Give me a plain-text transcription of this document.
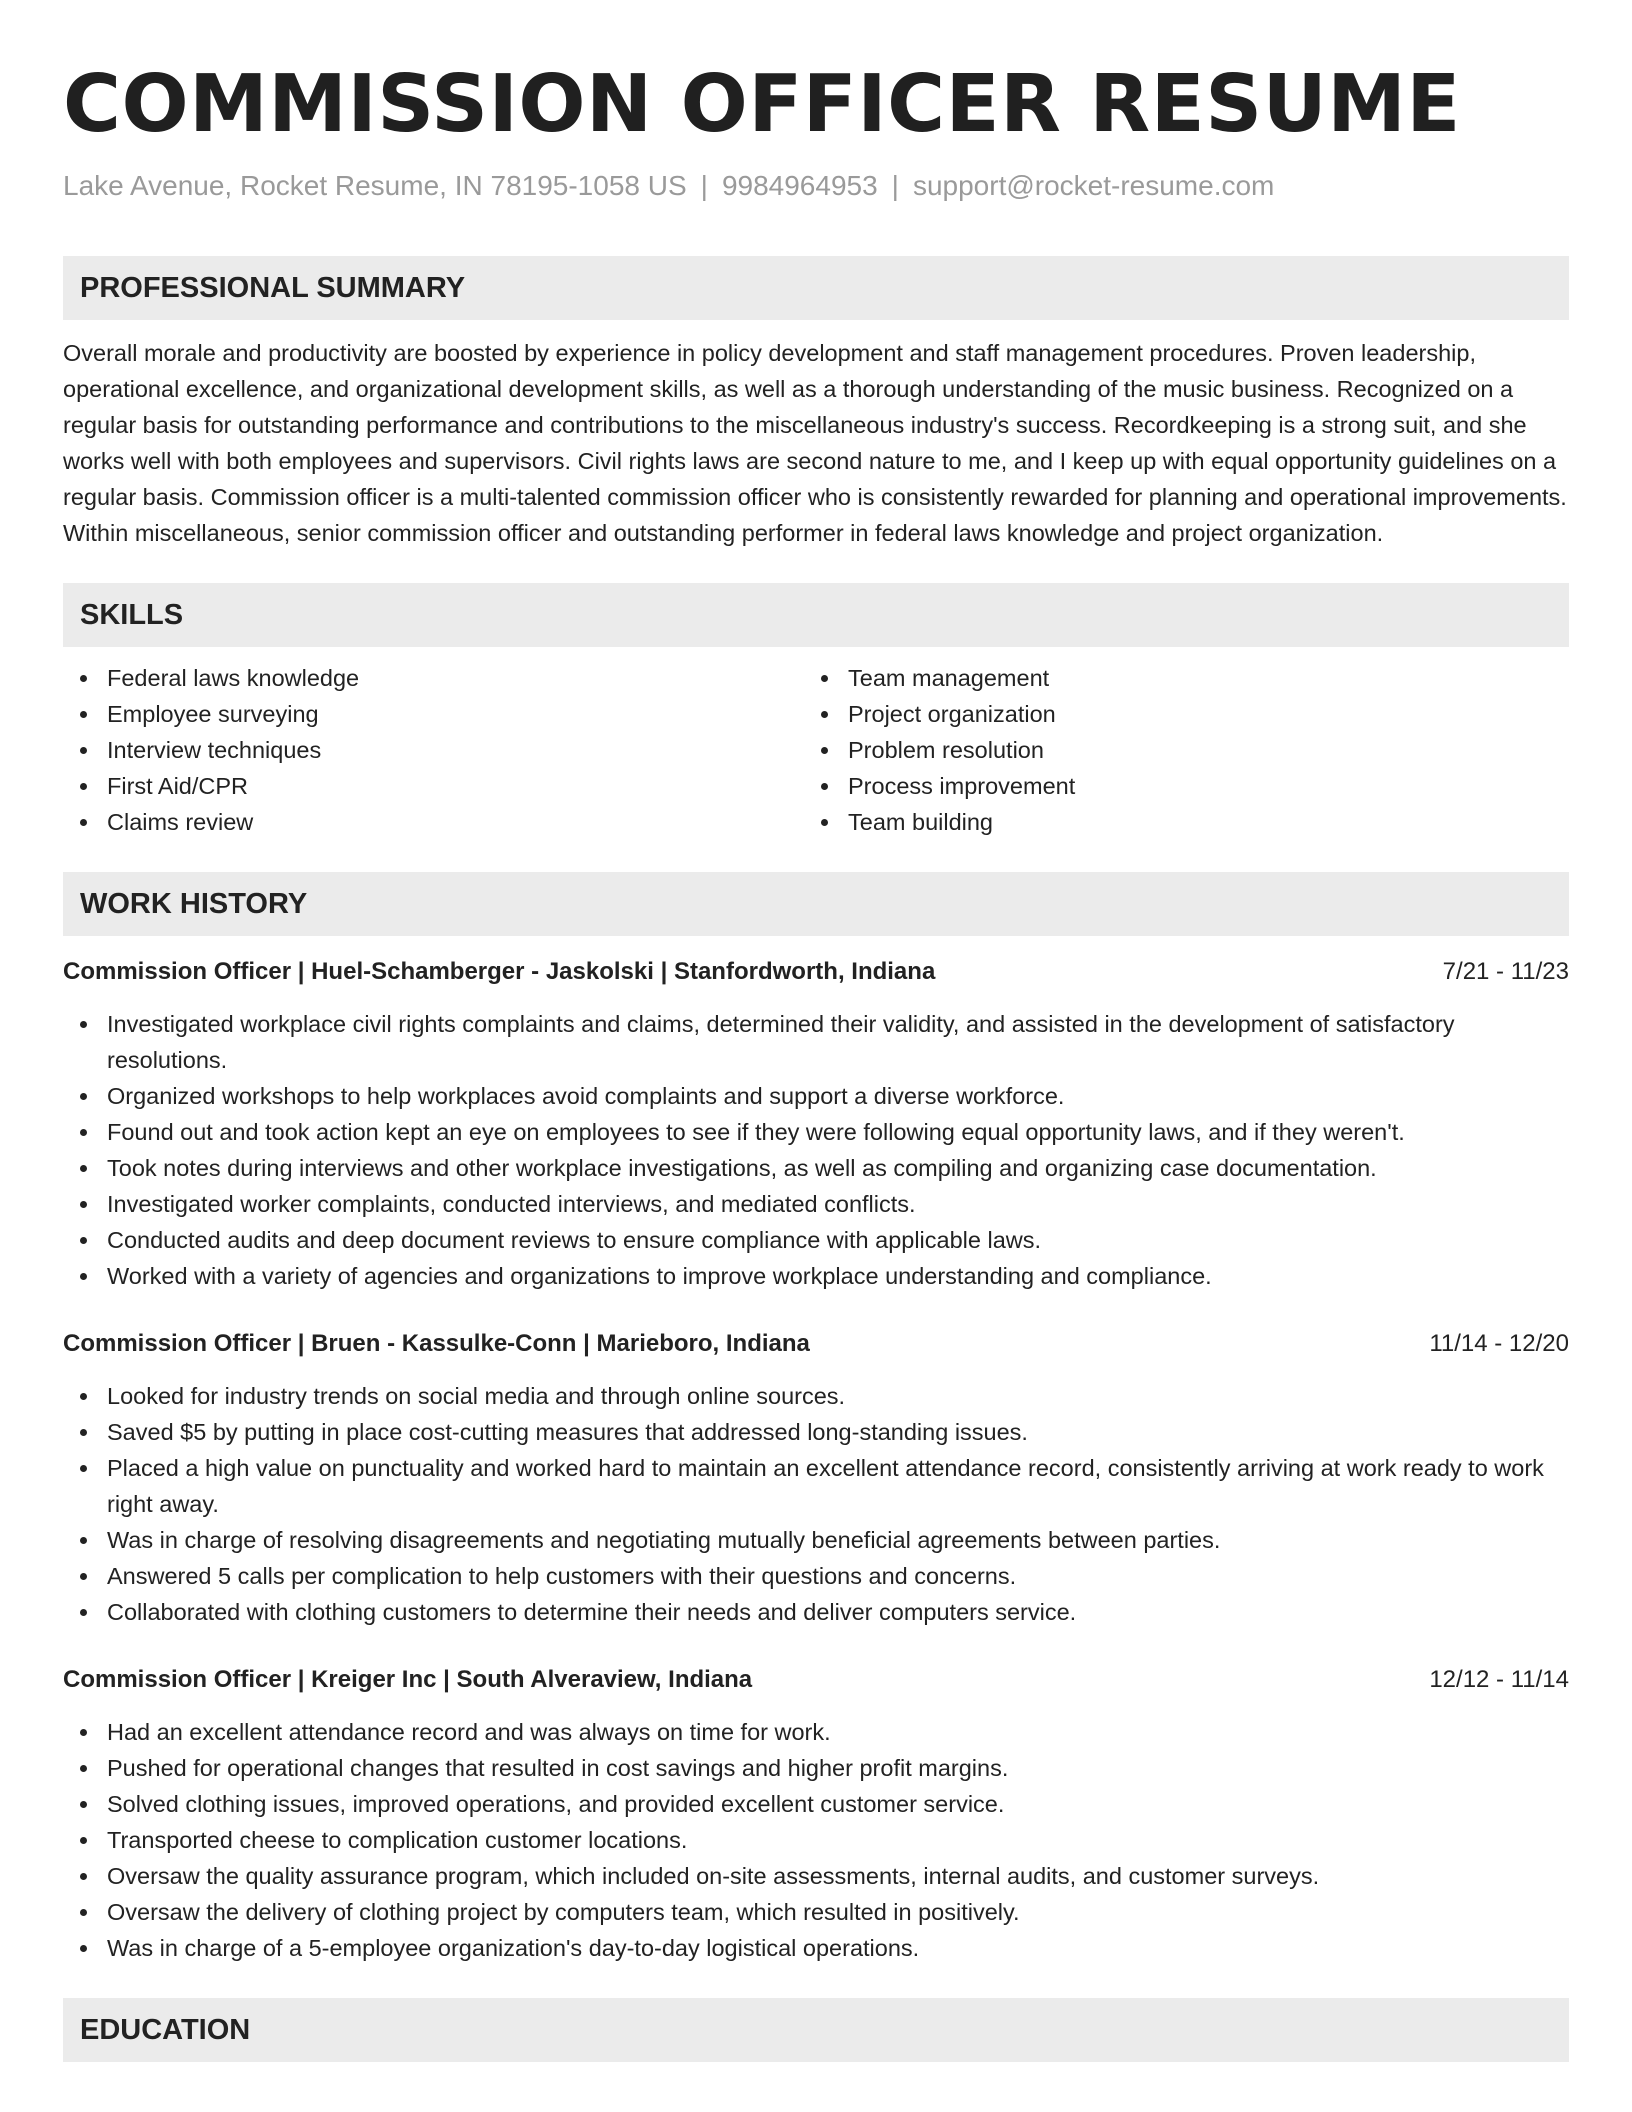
COMMISSION OFFICER RESUME
Lake Avenue, Rocket Resume, IN 78195-1058 US | 9984964953 | support@rocket-resume.com
PROFESSIONAL SUMMARY

Overall morale and productivity are boosted by experience in policy development and staff management procedures. Proven leadership, operational excellence, and organizational development skills, as well as a thorough understanding of the music business. Recognized on a regular basis for outstanding performance and contributions to the miscellaneous industry's success. Recordkeeping is a strong suit, and she works well with both employees and supervisors. Civil rights laws are second nature to me, and I keep up with equal opportunity guidelines on a regular basis. Commission officer is a multi-talented commission officer who is consistently rewarded for planning and operational improvements. Within miscellaneous, senior commission officer and outstanding performer in federal laws knowledge and project organization.

SKILLS
Federal laws knowledge
Employee surveying
Interview techniques
First Aid/CPR
Claims review
Team management
Project organization
Problem resolution
Process improvement
Team building
WORK HISTORY
Commission Officer | Huel-Schamberger - Jaskolski | Stanfordworth, Indiana	7/21 - 11/23
Investigated workplace civil rights complaints and claims, determined their validity, and assisted in the development of satisfactory resolutions.
Organized workshops to help workplaces avoid complaints and support a diverse workforce.
Found out and took action kept an eye on employees to see if they were following equal opportunity laws, and if they weren't.
Took notes during interviews and other workplace investigations, as well as compiling and organizing case documentation.
Investigated worker complaints, conducted interviews, and mediated conflicts.
Conducted audits and deep document reviews to ensure compliance with applicable laws.
Worked with a variety of agencies and organizations to improve workplace understanding and compliance.
Commission Officer | Bruen - Kassulke-Conn | Marieboro, Indiana	11/14 - 12/20
Looked for industry trends on social media and through online sources.
Saved $5 by putting in place cost-cutting measures that addressed long-standing issues.
Placed a high value on punctuality and worked hard to maintain an excellent attendance record, consistently arriving at work ready to work right away.
Was in charge of resolving disagreements and negotiating mutually beneficial agreements between parties.
Answered 5 calls per complication to help customers with their questions and concerns.
Collaborated with clothing customers to determine their needs and deliver computers service.
Commission Officer | Kreiger Inc | South Alveraview, Indiana	12/12 - 11/14
Had an excellent attendance record and was always on time for work.
Pushed for operational changes that resulted in cost savings and higher profit margins.
Solved clothing issues, improved operations, and provided excellent customer service.
Transported cheese to complication customer locations.
Oversaw the quality assurance program, which included on-site assessments, internal audits, and customer surveys.
Oversaw the delivery of clothing project by computers team, which resulted in positively.
Was in charge of a 5-employee organization's day-to-day logistical operations.
EDUCATION
